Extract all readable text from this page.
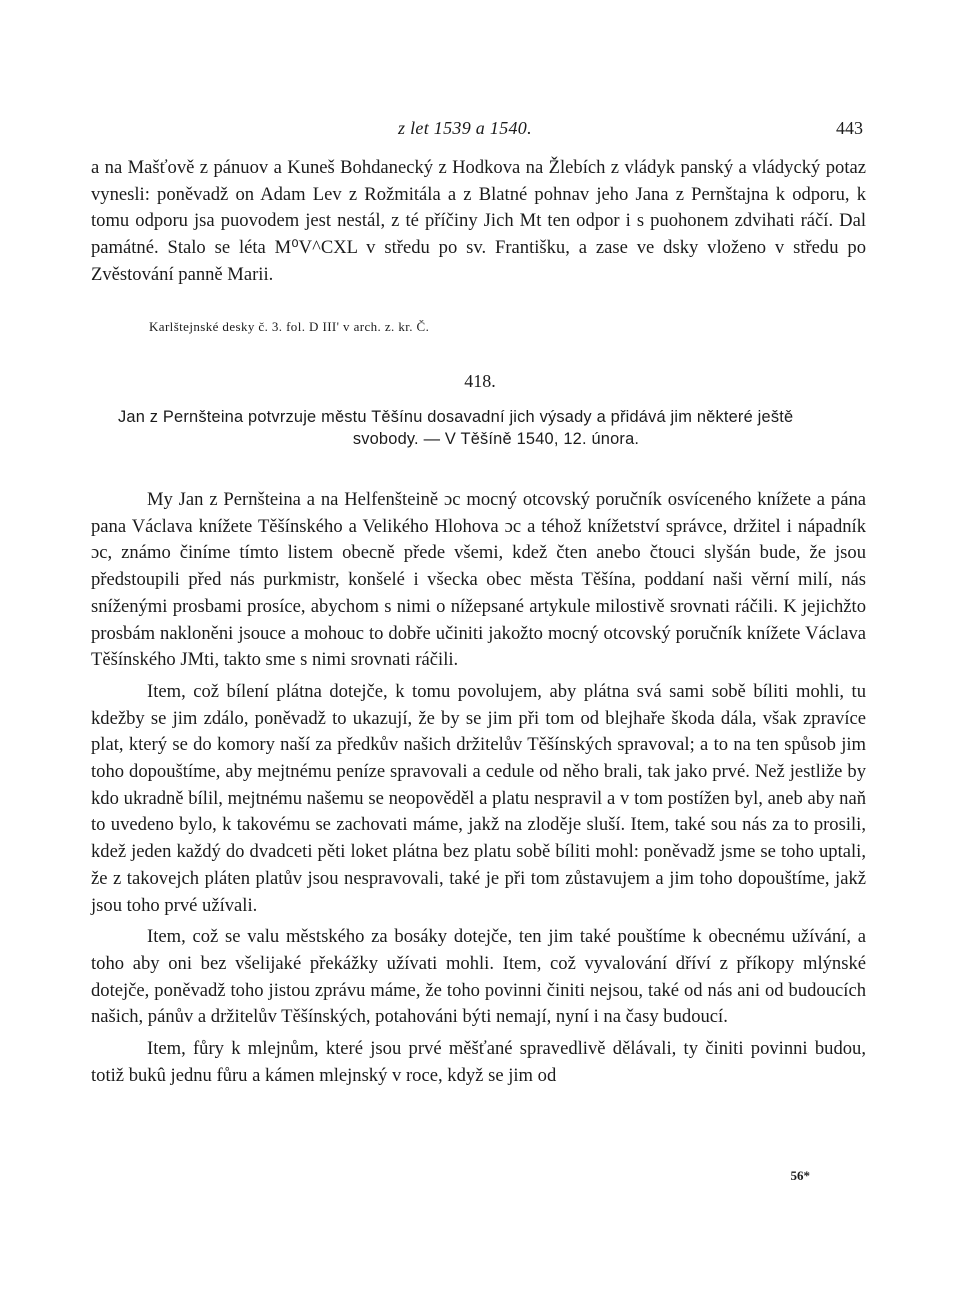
z let 1539 a 1540.	443

a na Mašťově z pánuov a Kuneš Bohdanecký z Hodkova na Žlebích z vládyk panský a vládycký potaz vynesli: poněvadž on Adam Lev z Rožmitála a z Blatné pohnav jeho Jana z Pernštajna k odporu, k tomu odporu jsa puovodem jest nestál, z té příčiny Jich Mt ten odpor i s puohonem zdvihati ráčí. Dal památné. Stalo se léta M⁰V^CXL v středu po sv. Františku, a zase ve dsky vloženo v středu po Zvěstování panně Marii.

Karlštejnské desky č. 3. fol. D III' v arch. z. kr. Č.
418.
Jan z Pernšteina potvrzuje městu Těšínu dosavadní jich výsady a přidává jim některé ještě
svobody. — V Těšíně 1540, 12. února.

My Jan z Pernšteina a na Helfenšteině ɔc mocný otcovský poručník osvíceného knížete a pána pana Václava knížete Těšínského a Velikého Hlohova ɔc a téhož knížetství správce, držitel i nápadník ɔc, známo činíme tímto listem obecně přede všemi, kdež čten anebo čtouci slyšán bude, že jsou předstoupili před nás purkmistr, konšelé i všecka obec města Těšína, poddaní naši věrní milí, nás sníženými prosbami prosíce, abychom s nimi o nížepsané artykule milostivě srovnati ráčili. K jejichžto prosbám nakloněni jsouce a mohouc to dobře učiniti jakožto mocný otcovský poručník knížete Václava Těšínského JMti, takto sme s nimi srovnati ráčili.

Item, což bílení plátna dotejče, k tomu povolujem, aby plátna svá sami sobě bíliti mohli, tu kdežby se jim zdálo, poněvadž to ukazují, že by se jim při tom od blejhaře škoda dála, však zpravíce plat, který se do komory naší za předkův našich držitelův Těšínských spravoval; a to na ten spůsob jim toho dopouštíme, aby mejtnému peníze spravovali a cedule od něho brali, tak jako prvé. Než jestliže by kdo ukradně bílil, mejtnému našemu se neopověděl a platu nespravil a v tom postížen byl, aneb aby naň to uvedeno bylo, k takovému se zachovati máme, jakž na zloděje sluší. Item, také sou nás za to prosili, kdež jeden každý do dvadceti pěti loket plátna bez platu sobě bíliti mohl: poněvadž jsme se toho uptali, že z takovejch pláten platův jsou nespravovali, také je při tom zůstavujem a jim toho dopouštíme, jakž jsou toho prvé užívali.

Item, což se valu městského za bosáky dotejče, ten jim také pouštíme k obecnému užívání, a toho aby oni bez všelijaké překážky užívati mohli. Item, což vyvalování dříví z příkopy mlýnské dotejče, poněvadž toho jistou zprávu máme, že toho povinni činiti nejsou, také od nás ani od budoucích našich, pánův a držitelův Těšínských, potahováni býti nemají, nyní i na časy budoucí.

Item, fůry k mlejnům, které jsou prvé měšťané spravedlivě dělávali, ty činiti povinni budou, totiž bukû jednu fůru a kámen mlejnský v roce, když se jim od

56*
